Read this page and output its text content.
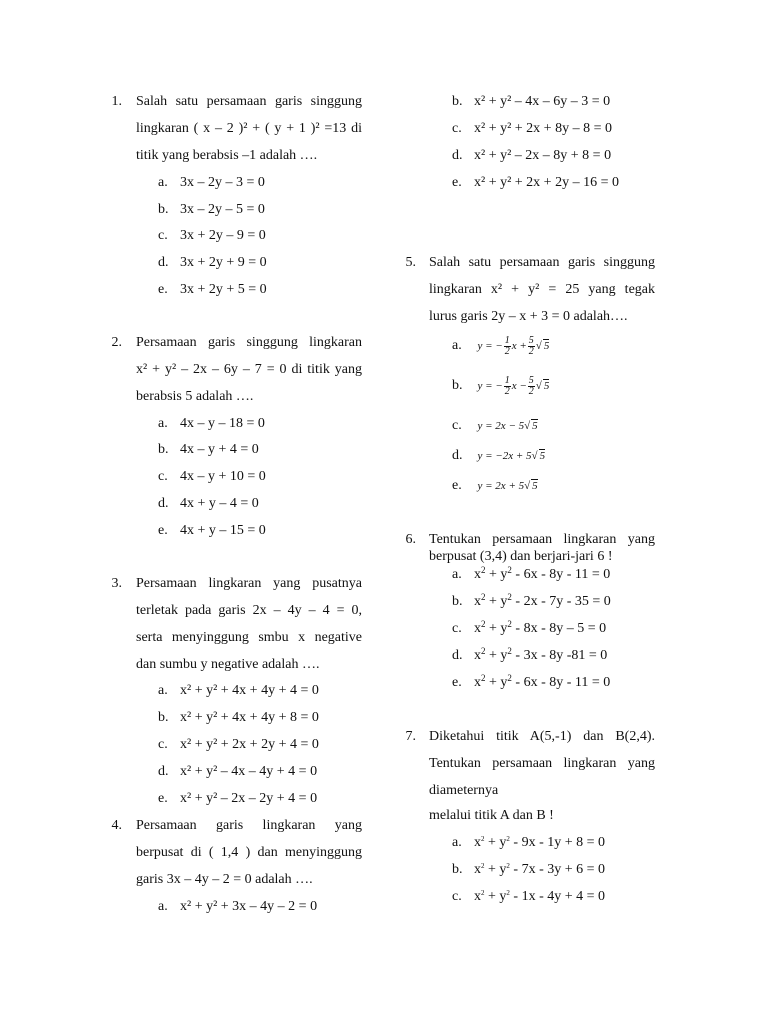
1. Salah satu persamaan garis singgung
lingkaran ( x – 2 )² + ( y + 1 )² =13 di
titik yang berabsis –1 adalah ….
a. 3x – 2y – 3 = 0
b. 3x – 2y – 5 = 0
c. 3x + 2y – 9 = 0
d. 3x + 2y + 9 = 0
e. 3x + 2y + 5 = 0
2. Persamaan garis singgung lingkaran
x² + y² – 2x – 6y – 7 = 0 di titik yang
berabsis 5 adalah ….
a. 4x – y – 18 = 0
b. 4x – y + 4 = 0
c. 4x – y + 10 = 0
d. 4x + y – 4 = 0
e. 4x + y – 15 = 0
3. Persamaan lingkaran yang pusatnya
terletak pada garis 2x – 4y – 4 = 0,
serta menyinggung smbu x negative
dan sumbu y negative adalah ….
a. x² + y² + 4x + 4y + 4 = 0
b. x² + y² + 4x + 4y + 8 = 0
c. x² + y² + 2x + 2y + 4 = 0
d. x² + y² – 4x – 4y + 4 = 0
e. x² + y² – 2x – 2y + 4 = 0
4. Persamaan garis lingkaran yang
berpusat di ( 1,4 ) dan menyinggung
garis 3x – 4y – 2 = 0 adalah ….
a. x² + y² + 3x – 4y – 2 = 0
b. x² + y² – 4x – 6y – 3 = 0
c. x² + y² + 2x + 8y – 8 = 0
d. x² + y² – 2x – 8y + 8 = 0
e. x² + y² + 2x + 2y – 16 = 0
5. Salah satu persamaan garis singgung
lingkaran x² + y² = 25 yang tegak
lurus garis 2y – x + 3 = 0 adalah….
a. y = − $\frac{1}{2}$ $x + \frac{5}{2}$ √ 5
b. y = − $\frac{1}{2}$ $x - \frac{5}{2}$ √ 5
c. y = 2x − 5√ 5
d. y = −2x + 5√ 5
e. y = 2x + 5√ 5
6. Tentukan persamaan lingkaran yang
berpusat (3,4) dan berjari-jari 6 !
a. $x^2 + y^2 - 6x - 8y - 11 = 0$
b. $x^2 + y^2 - 2x - 7y - 35 = 0$
c. $x^2 + y^2 - 8x - 8y - 5 = 0$
d. $x^2 + y^2 - 3x - 8y$ -81 = 0
e. $x^2 + y^2 - 6x - 8y - 11 = 0$
7. Diketahui titik A(5,-1) dan B(2,4).
Tentukan persamaan lingkaran yang
diameternya
melalui titik A dan B !
a. $x^2 + y^2 - 9x - 1y + 8 = 0$
b. $x^2 + y^2 - 7x - 3y + 6 = 0$
c. $x^2 + y^2 - 1x - 4y + 4 = 0$
